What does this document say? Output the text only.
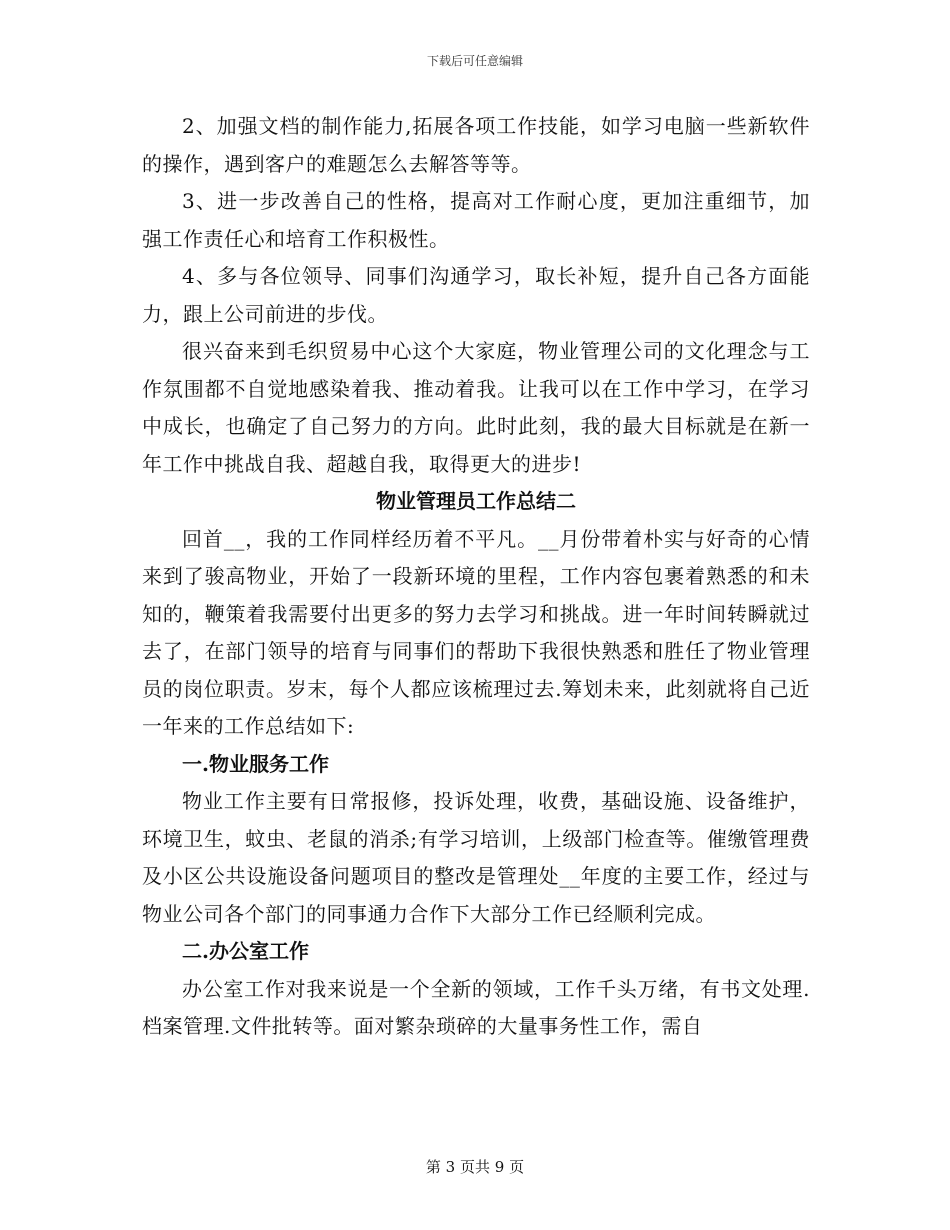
下载后可任意编辑

2、加强文档的制作能力,拓展各项工作技能，如学习电脑一些新软件的操作，遇到客户的难题怎么去解答等等。

3、进一步改善自己的性格，提高对工作耐心度，更加注重细节，加强工作责任心和培育工作积极性。

4、多与各位领导、同事们沟通学习，取长补短，提升自己各方面能力，跟上公司前进的步伐。

很兴奋来到毛织贸易中心这个大家庭，物业管理公司的文化理念与工作氛围都不自觉地感染着我、推动着我。让我可以在工作中学习，在学习中成长，也确定了自己努力的方向。此时此刻，我的最大目标就是在新一年工作中挑战自我、超越自我，取得更大的进步!

物业管理员工作总结二

回首__，我的工作同样经历着不平凡。__月份带着朴实与好奇的心情来到了骏高物业，开始了一段新环境的里程，工作内容包裹着熟悉的和未知的，鞭策着我需要付出更多的努力去学习和挑战。进一年时间转瞬就过去了，在部门领导的培育与同事们的帮助下我很快熟悉和胜任了物业管理员的岗位职责。岁末，每个人都应该梳理过去.筹划未来，此刻就将自己近一年来的工作总结如下:

一.物业服务工作

物业工作主要有日常报修，投诉处理，收费，基础设施、设备维护，环境卫生，蚊虫、老鼠的消杀;有学习培训，上级部门检查等。催缴管理费及小区公共设施设备问题项目的整改是管理处__年度的主要工作，经过与物业公司各个部门的同事通力合作下大部分工作已经顺利完成。

二.办公室工作

办公室工作对我来说是一个全新的领域，工作千头万绪，有书文处理.档案管理.文件批转等。面对繁杂琐碎的大量事务性工作，需自

第 3 页共 9 页
